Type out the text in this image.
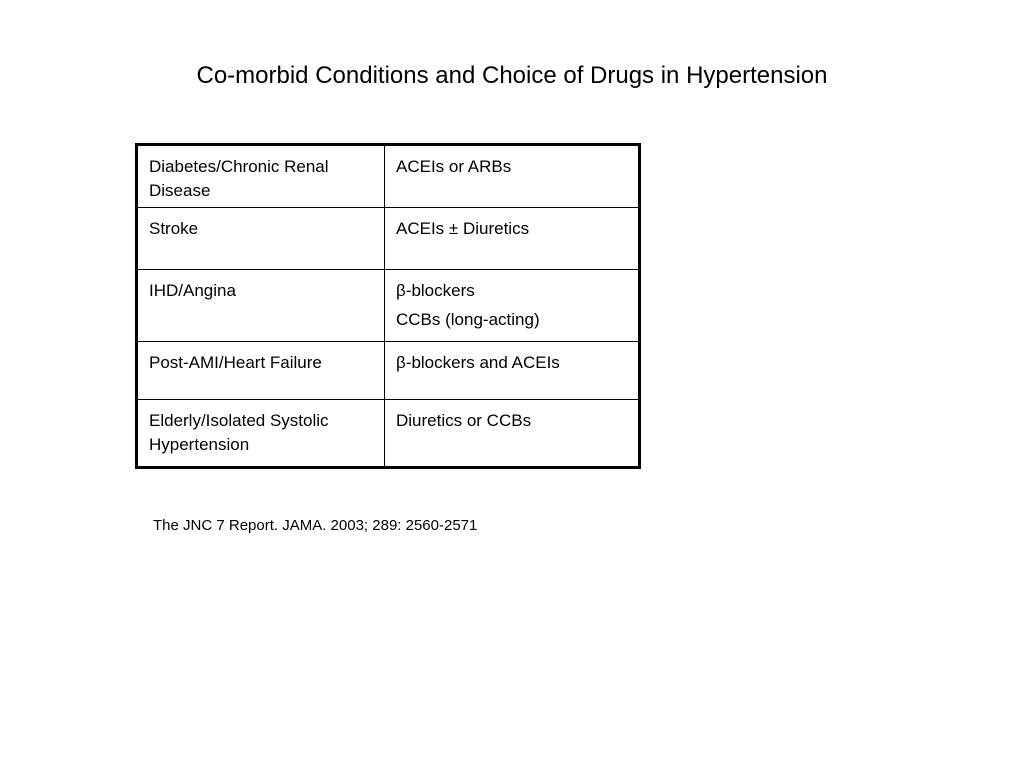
Co-morbid Conditions and Choice of Drugs in Hypertension
Diabetes/Chronic Renal Disease	ACEIs or ARBs

Stroke	ACEIs ± Diuretics

IHD/Angina	β-blockers
CCBs (long-acting)

Post-AMI/Heart Failure	β-blockers and ACEIs

Elderly/Isolated Systolic Hypertension	Diuretics or CCBs

The JNC 7 Report. JAMA. 2003; 289: 2560-2571
